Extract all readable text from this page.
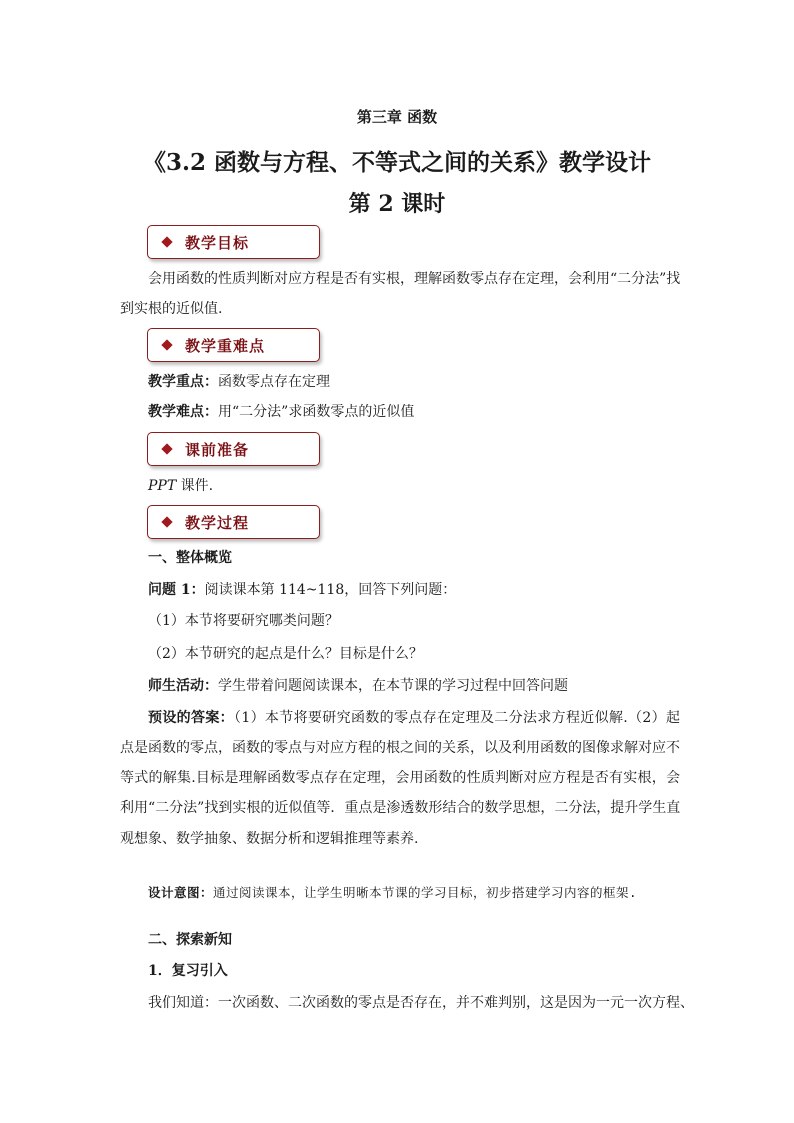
第三章 函数
《3.2 函数与方程、不等式之间的关系》教学设计
第 2 课时
教学目标
会用函数的性质判断对应方程是否有实根，理解函数零点存在定理，会利用“二分法”找
到实根的近似值.
教学重难点
教学重点：函数零点存在定理
教学难点：用“二分法”求函数零点的近似值
课前准备
PPT 课件.
教学过程
一、整体概览
问题 1：阅读课本第 114~118，回答下列问题：
（1）本节将要研究哪类问题？
（2）本节研究的起点是什么？目标是什么？
师生活动：学生带着问题阅读课本，在本节课的学习过程中回答问题
预设的答案：（1）本节将要研究函数的零点存在定理及二分法求方程近似解.（2）起
点是函数的零点，函数的零点与对应方程的根之间的关系，以及利用函数的图像求解对应不
等式的解集.目标是理解函数零点存在定理，会用函数的性质判断对应方程是否有实根，会
利用“二分法”找到实根的近似值等．重点是渗透数形结合的数学思想，二分法，提升学生直
观想象、数学抽象、数据分析和逻辑推理等素养.
设计意图：通过阅读课本，让学生明晰本节课的学习目标，初步搭建学习内容的框架.
二、探索新知
1．复习引入
我们知道：一次函数、二次函数的零点是否存在，并不难判别，这是因为一元一次方程、
